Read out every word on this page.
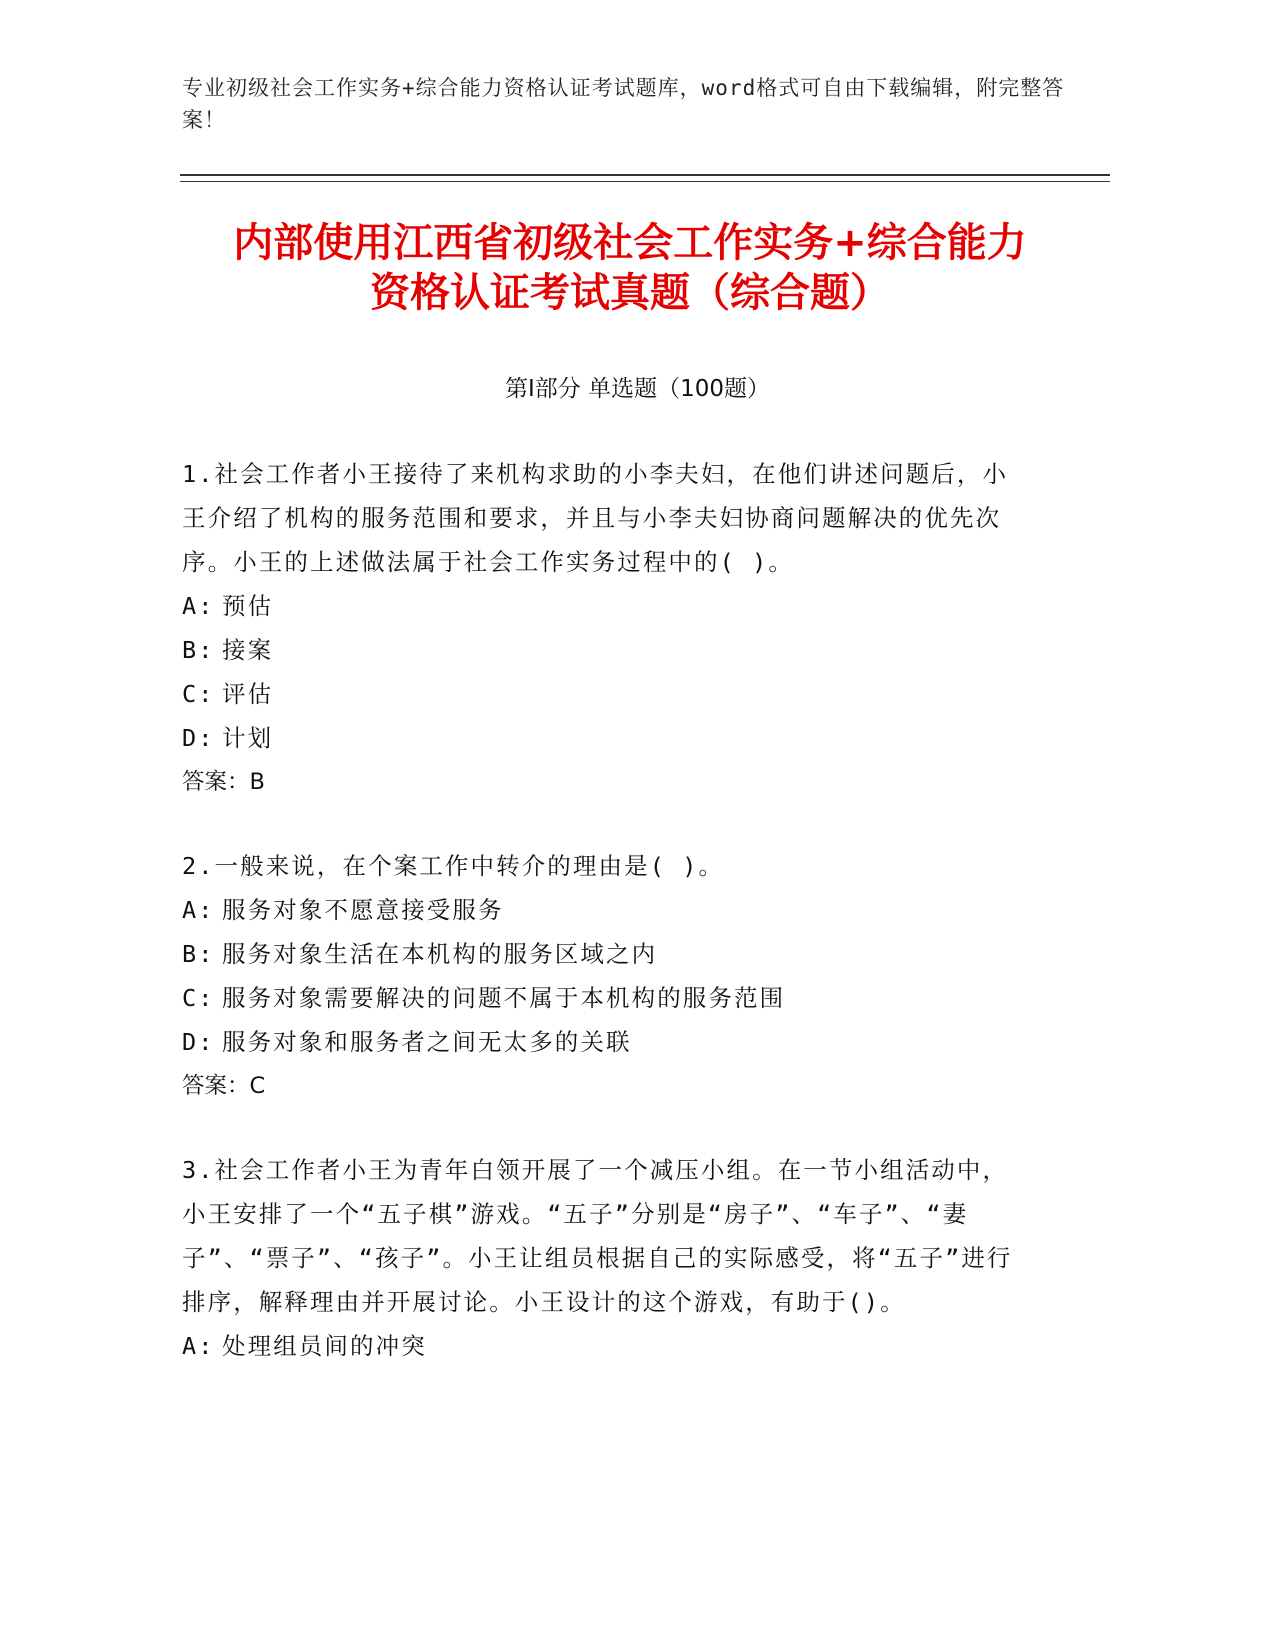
专业初级社会工作实务+综合能力资格认证考试题库，word格式可自由下载编辑，附完整答案！
内部使用江西省初级社会工作实务+综合能力
资格认证考试真题（综合题）
第Ⅰ部分 单选题（100题）

1.社会工作者小王接待了来机构求助的小李夫妇，在他们讲述问题后，小王介绍了机构的服务范围和要求，并且与小李夫妇协商问题解决的优先次序。小王的上述做法属于社会工作实务过程中的( )。

A: 预估

B: 接案

C: 评估

D: 计划

答案：B

2.一般来说，在个案工作中转介的理由是( )。

A: 服务对象不愿意接受服务

B: 服务对象生活在本机构的服务区域之内

C: 服务对象需要解决的问题不属于本机构的服务范围

D: 服务对象和服务者之间无太多的关联

答案：C

3.社会工作者小王为青年白领开展了一个减压小组。在一节小组活动中，小王安排了一个“五子棋”游戏。“五子”分别是“房子”、“车子”、“妻子”、“票子”、“孩子”。小王让组员根据自己的实际感受，将“五子”进行排序，解释理由并开展讨论。小王设计的这个游戏，有助于()。

A: 处理组员间的冲突
